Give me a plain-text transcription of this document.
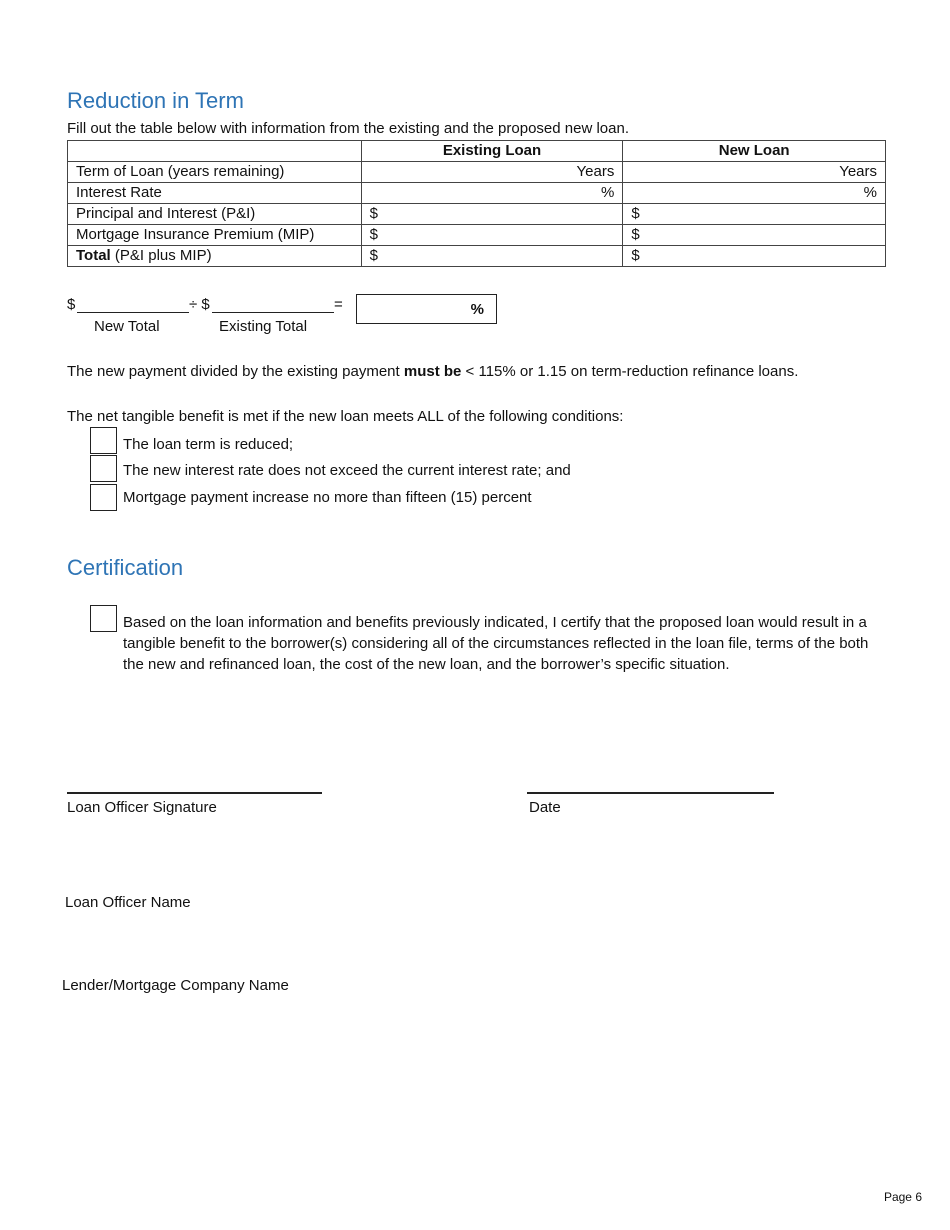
Reduction in Term
Fill out the table below with information from the existing and the proposed new loan.
	Existing Loan	New Loan
Term of Loan (years remaining)	Years	Years
Interest Rate	%	%
Principal and Interest (P&I)	$	$
Mortgage Insurance Premium (MIP)	$	$
Total (P&I plus MIP)	$	$
$	÷ $	=	%
New Total	Existing Total
The new payment divided by the existing payment must be < 115% or 1.15 on term-reduction refinance loans.
The net tangible benefit is met if the new loan meets ALL of the following conditions:
The loan term is reduced;
The new interest rate does not exceed the current interest rate; and
Mortgage payment increase no more than fifteen (15) percent
Certification
Based on the loan information and benefits previously indicated, I certify that the proposed loan would result in a tangible benefit to the borrower(s) considering all of the circumstances reflected in the loan file, terms of the both the new and refinanced loan, the cost of the new loan, and the borrower’s specific situation.
Loan Officer Signature	Date
Loan Officer Name
Lender/Mortgage Company Name
Page 6
